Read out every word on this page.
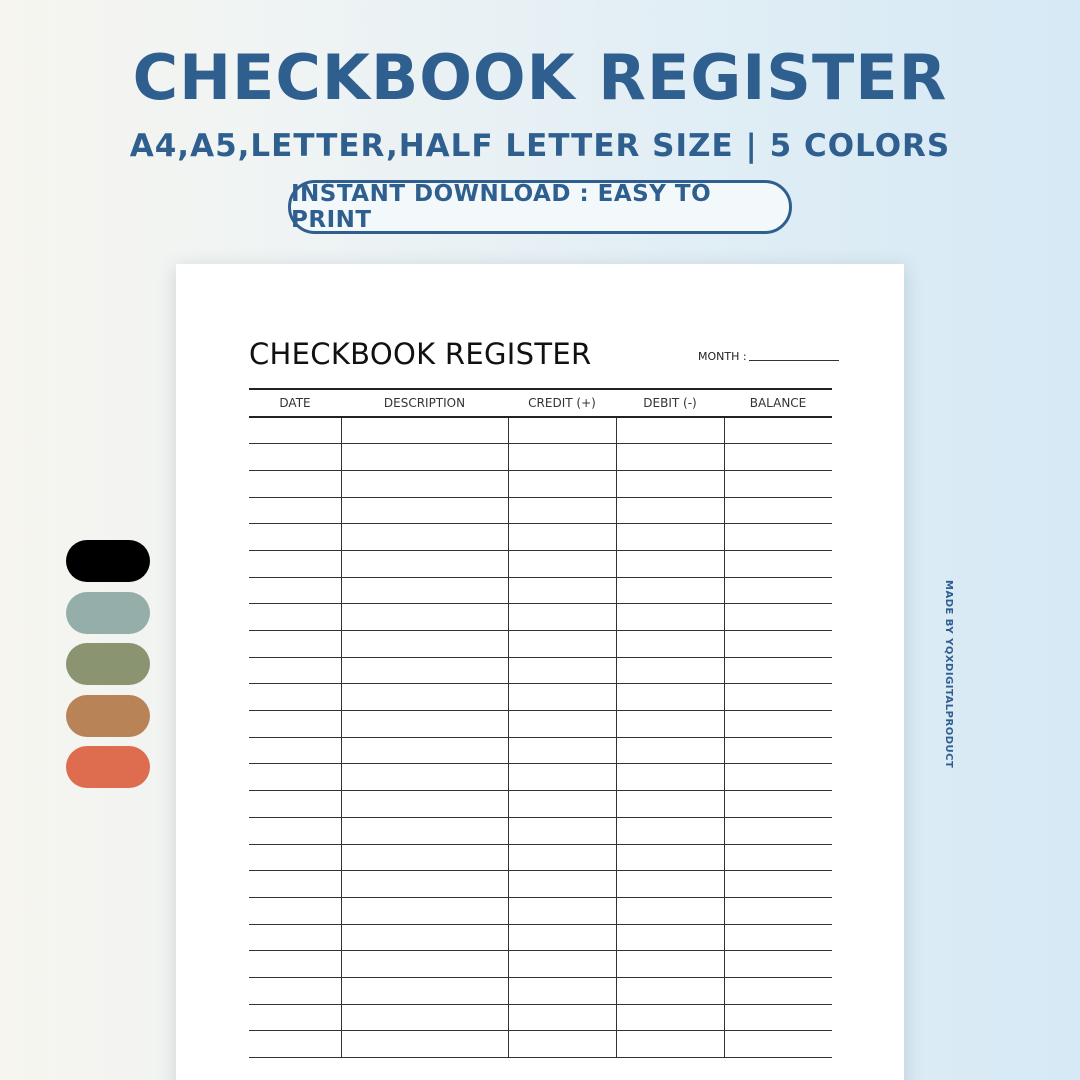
CHECKBOOK REGISTER
A4,A5,LETTER,HALF LETTER SIZE | 5 COLORS
INSTANT DOWNLOAD : EASY TO PRINT
CHECKBOOK REGISTER	MONTH :
DATE	DESCRIPTION	CREDIT (+)	DEBIT (-)	BALANCE

MADE BY YQXDIGITALPRODUCT
